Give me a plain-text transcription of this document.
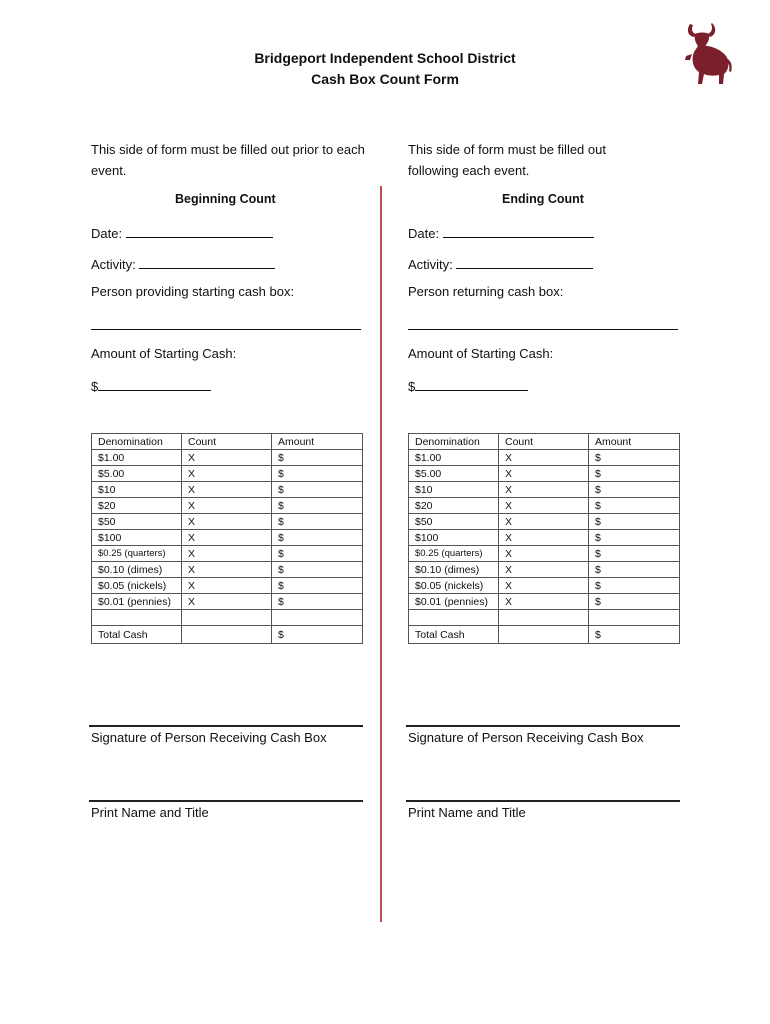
Bridgeport Independent School District
Cash Box Count Form
This side of form must be filled out prior to each event.
Beginning Count
Date:
Activity:
Person providing starting cash box:
Amount of Starting Cash:
$
Denomination	Count	Amount
$1.00	X	$
$5.00	X	$
$10	X	$
$20	X	$
$50	X	$
$100	X	$
$0.25 (quarters)	X	$
$0.10 (dimes)	X	$
$0.05 (nickels)	X	$
$0.01 (pennies)	X	$

Total Cash		$
Signature of Person Receiving Cash Box
Print Name and Title
This side of form must be filled out following each event.
Ending Count
Date:
Activity:
Person returning cash box:
Amount of Starting Cash:
$
Denomination	Count	Amount
$1.00	X	$
$5.00	X	$
$10	X	$
$20	X	$
$50	X	$
$100	X	$
$0.25 (quarters)	X	$
$0.10 (dimes)	X	$
$0.05 (nickels)	X	$
$0.01 (pennies)	X	$

Total Cash		$
Signature of Person Receiving Cash Box
Print Name and Title
